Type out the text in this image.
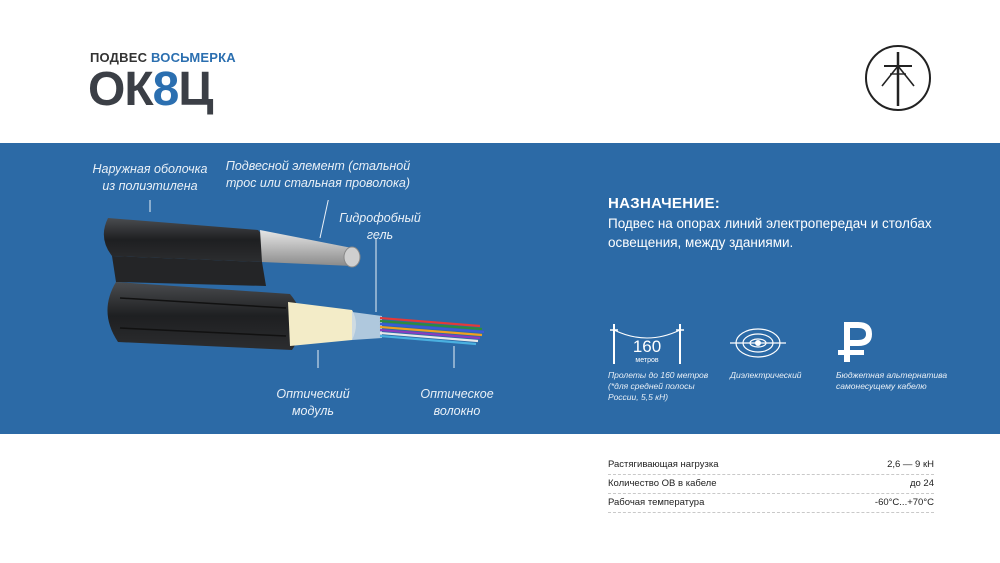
ПОДВЕС ВОСЬМЕРКА
ОК8Ц
Наружная оболочка
из полиэтилена
Подвесной элемент (стальной
трос или стальная проволока)
Гидрофобный
гель
Оптический
модуль
Оптическое
волокно
НАЗНАЧЕНИЕ:
Подвес на опорах линий электропередач и столбах
освещения, между зданиями.
160
метров
Пролеты до 160 метров
(*для средней полосы
России, 5,5 кН)
Диэлектрический	Бюджетная альтернатива
самонесущему кабелю
Растягивающая нагрузка	2,6 — 9 кН
Количество ОВ в кабеле	до 24
Рабочая температура	-60°C...+70°C
